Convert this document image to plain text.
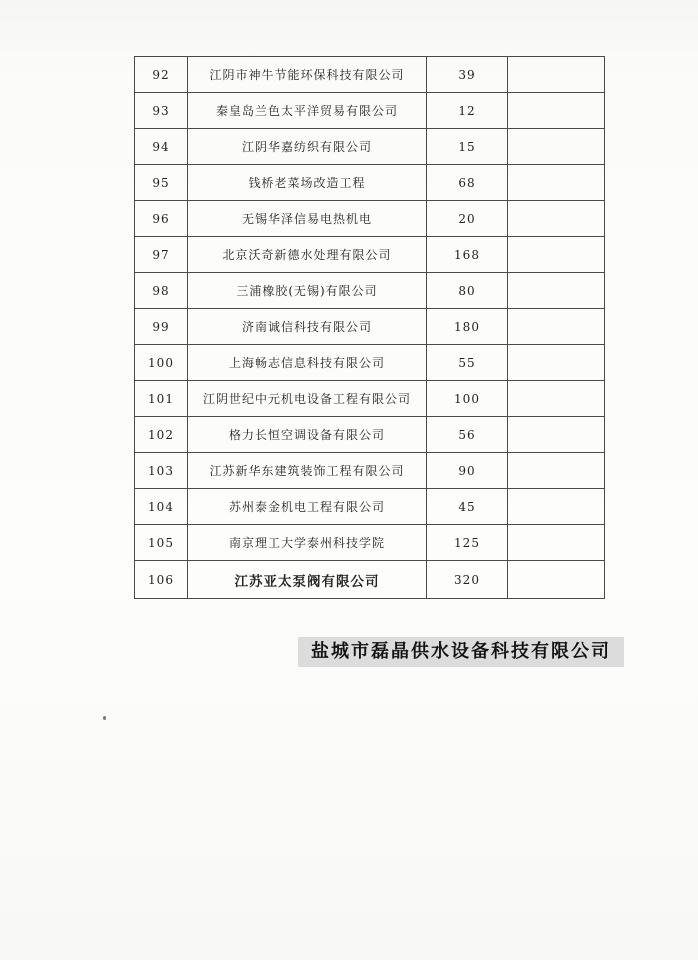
92	江阴市神牛节能环保科技有限公司	39	
93	秦皇岛兰色太平洋贸易有限公司	12	
94	江阴华嘉纺织有限公司	15	
95	钱桥老菜场改造工程	68	
96	无锡华泽信易电热机电	20	
97	北京沃奇新德水处理有限公司	168	
98	三浦橡胶(无锡)有限公司	80	
99	济南诚信科技有限公司	180	
100	上海畅志信息科技有限公司	55	
101	江阴世纪中元机电设备工程有限公司	100	
102	格力长恒空调设备有限公司	56	
103	江苏新华东建筑装饰工程有限公司	90	
104	苏州泰金机电工程有限公司	45	
105	南京理工大学泰州科技学院	125	
106	江苏亚太泵阀有限公司	320	
盐城市磊晶供水设备科技有限公司
